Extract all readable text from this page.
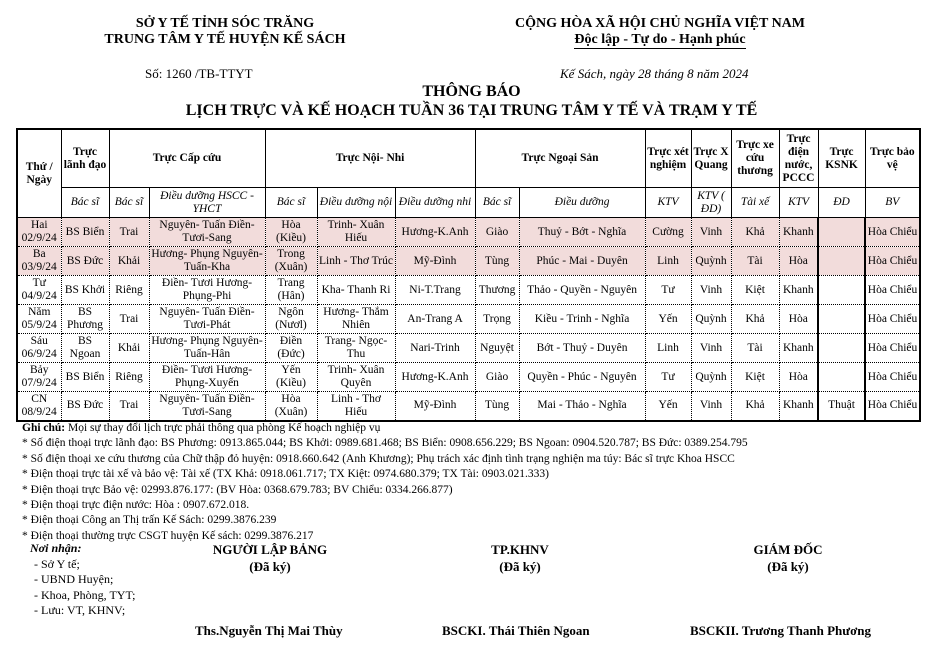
SỞ Y TẾ TỈNH SÓC TRĂNG
TRUNG TÂM Y TẾ HUYỆN KẾ SÁCH
CỘNG HÒA XÃ HỘI CHỦ NGHĨA VIỆT NAM
Độc lập - Tự do - Hạnh phúc
Số: 1260 /TB-TTYT	Kế Sách, ngày 28 tháng 8 năm 2024
THÔNG BÁO
LỊCH TRỰC VÀ KẾ HOẠCH TUẦN 36 TẠI TRUNG TÂM Y TẾ VÀ TRẠM Y TẾ
Thứ / Ngày	Trực lãnh đạo	Trực Cấp cứu		Trực Nội- Nhi			Trực Ngoại Sản		Trực xét nghiệm	Trực X Quang	Trực xe cứu thương	Trực điện nước, PCCC	Trực KSNK	Trực bảo vệ
	Bác sĩ	Bác sĩ	Điều dưỡng HSCC - YHCT	Bác sĩ	Điều dưỡng nội	Điều dưỡng nhi	Bác sĩ	Điều dưỡng	KTV	KTV ( ĐD)	Tài xế	KTV	ĐD	BV
Hai 02/9/24	BS Biển	Trai	Nguyên- Tuấn Điền- Tươi-Sang	Hòa (Kiều)	Trinh- Xuân Hiếu	Hương-K.Anh	Giào	Thuỷ - Bớt - Nghĩa	Cường	Vinh	Khả	Khanh		Hòa Chiểu
Ba 03/9/24	BS Đức	Khải	Hương- Phụng Nguyên- Tuấn-Kha	Trong (Xuân)	Linh - Thơ Trúc	Mỹ-Đình	Tùng	Phúc - Mai - Duyên	Linh	Quỳnh	Tài	Hòa		Hòa Chiểu
Tư 04/9/24	BS Khởi	Riêng	Điền- Tươi Hương- Phụng-Phi	Trang (Hân)	Kha- Thanh Ri	Ni-T.Trang	Thương	Thảo - Quyền - Nguyên	Tư	Vinh	Kiệt	Khanh		Hòa Chiểu
Năm 05/9/24	BS Phương	Trai	Nguyên- Tuấn Điền- Tươi-Phát	Ngôn (Nươl)	Hương- Thắm Nhiên	An-Trang A	Trọng	Kiều - Trinh - Nghĩa	Yến	Quỳnh	Khả	Hòa		Hòa Chiểu
Sáu 06/9/24	BS Ngoan	Khải	Hương- Phụng Nguyên- Tuấn-Hân	Điền (Đức)	Trang- Ngọc- Thu	Nari-Trinh	Nguyệt	Bớt - Thuỷ - Duyên	Linh	Vinh	Tài	Khanh		Hòa Chiểu
Bảy 07/9/24	BS Biển	Riêng	Điền- Tươi Hương-Phụng-Xuyến	Yến (Kiều)	Trinh- Xuân Quyên	Hương-K.Anh	Giào	Quyền - Phúc - Nguyên	Tư	Quỳnh	Kiệt	Hòa		Hòa Chiểu
CN 08/9/24	BS Đức	Trai	Nguyên- Tuấn Điền- Tươi-Sang	Hòa (Xuân)	Linh - Thơ Hiếu	Mỹ-Đình	Tùng	Mai - Thảo - Nghĩa	Yến	Vinh	Khả	Khanh	Thuật	Hòa Chiểu
Ghi chú: Mọi sự thay đổi lịch trực phải thông qua phòng Kế hoạch nghiệp vụ
* Số điện thoại trực lãnh đạo: BS Phương: 0913.865.044; BS Khởi: 0989.681.468; BS Biển: 0908.656.229; BS Ngoan: 0904.520.787; BS Đức: 0389.254.795
* Số điện thoại xe cứu thương của Chữ thập đỏ huyện: 0918.660.642 (Anh Khương); Phụ trách xác định tình trạng nghiện ma túy: Bác sĩ trực Khoa HSCC
* Điện thoại trực tài xế và bảo vệ: Tài xế (TX Khả: 0918.061.717; TX Kiệt: 0974.680.379; TX Tài: 0903.021.333)
* Điện thoại trực Bảo vệ: 02993.876.177: (BV Hòa: 0368.679.783; BV Chiểu: 0334.266.877)
* Điện thoại trực điện nước: Hòa : 0907.672.018.
* Điện thoại Công an Thị trấn Kế Sách: 0299.3876.239
* Điện thoại thường trực CSGT huyện Kế sách: 0299.3876.217
Nơi nhận:
- Sở Y tế;
- UBND Huyện;
- Khoa, Phòng, TYT;
- Lưu: VT, KHNV;
NGƯỜI LẬP BẢNG
(Đã ký)
TP.KHNV
(Đã ký)
GIÁM ĐỐC
(Đã ký)
Ths.Nguyễn Thị Mai Thùy	BSCKI. Thái Thiên Ngoan	BSCKII. Trương Thanh Phương
